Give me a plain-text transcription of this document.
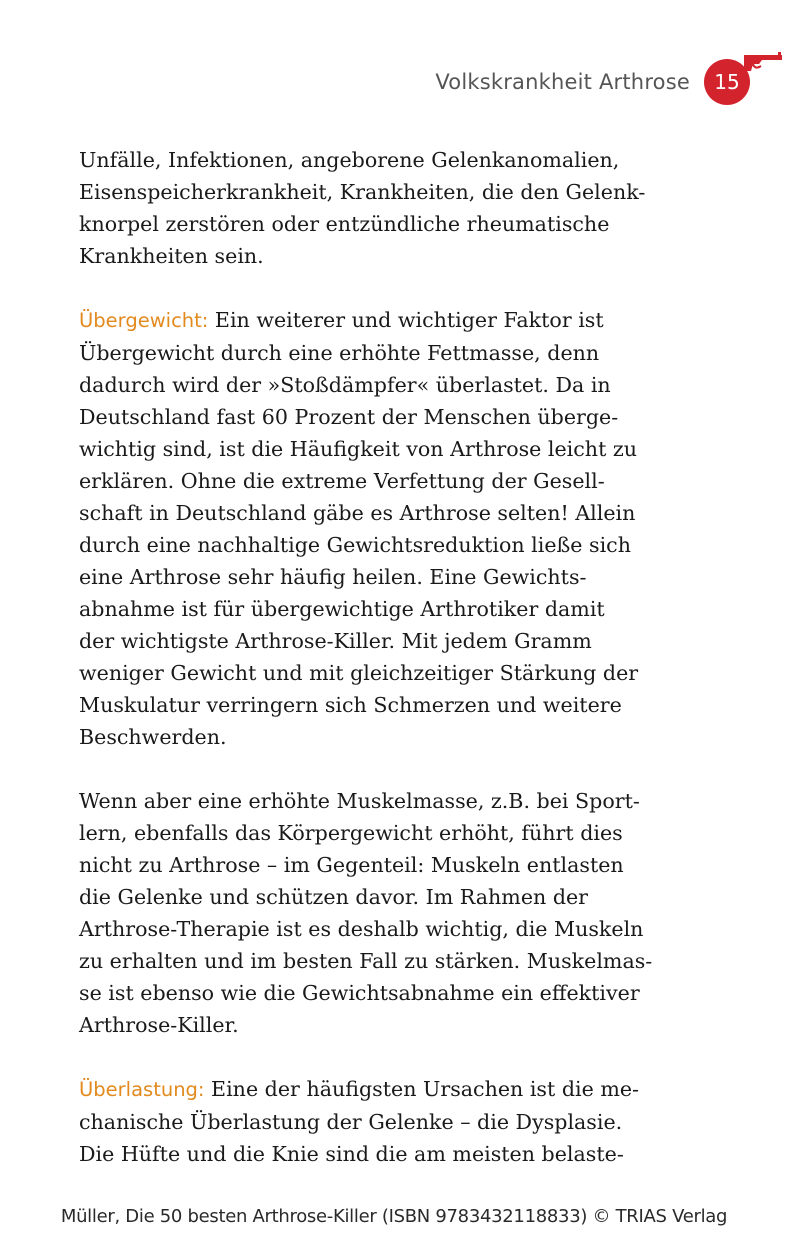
Volkskrankheit Arthrose 15

Unfälle, Infektionen, angeborene Gelenkanomalien,
Eisenspeicherkrankheit, Krankheiten, die den Gelenk-
knorpel zerstören oder entzündliche rheumatische
Krankheiten sein.

Übergewicht: Ein weiterer und wichtiger Faktor ist
Übergewicht durch eine erhöhte Fettmasse, denn
dadurch wird der »Stoßdämpfer« überlastet. Da in
Deutschland fast 60 Prozent der Menschen überge-
wichtig sind, ist die Häufigkeit von Arthrose leicht zu
erklären. Ohne die extreme Verfettung der Gesell-
schaft in Deutschland gäbe es Arthrose selten! Allein
durch eine nachhaltige Gewichtsreduktion ließe sich
eine Arthrose sehr häufig heilen. Eine Gewichts-
abnahme ist für übergewichtige Arthrotiker damit
der wichtigste Arthrose-Killer. Mit jedem Gramm
weniger Gewicht und mit gleichzeitiger Stärkung der
Muskulatur verringern sich Schmerzen und weitere
Beschwerden.

Wenn aber eine erhöhte Muskelmasse, z.B. bei Sport-
lern, ebenfalls das Körpergewicht erhöht, führt dies
nicht zu Arthrose – im Gegenteil: Muskeln entlasten
die Gelenke und schützen davor. Im Rahmen der
Arthrose-Therapie ist es deshalb wichtig, die Muskeln
zu erhalten und im besten Fall zu stärken. Muskelmas-
se ist ebenso wie die Gewichtsabnahme ein effektiver
Arthrose-Killer.

Überlastung: Eine der häufigsten Ursachen ist die me-
chanische Überlastung der Gelenke – die Dysplasie.
Die Hüfte und die Knie sind die am meisten belaste-

Müller, Die 50 besten Arthrose-Killer (ISBN 9783432118833) © TRIAS Verlag
